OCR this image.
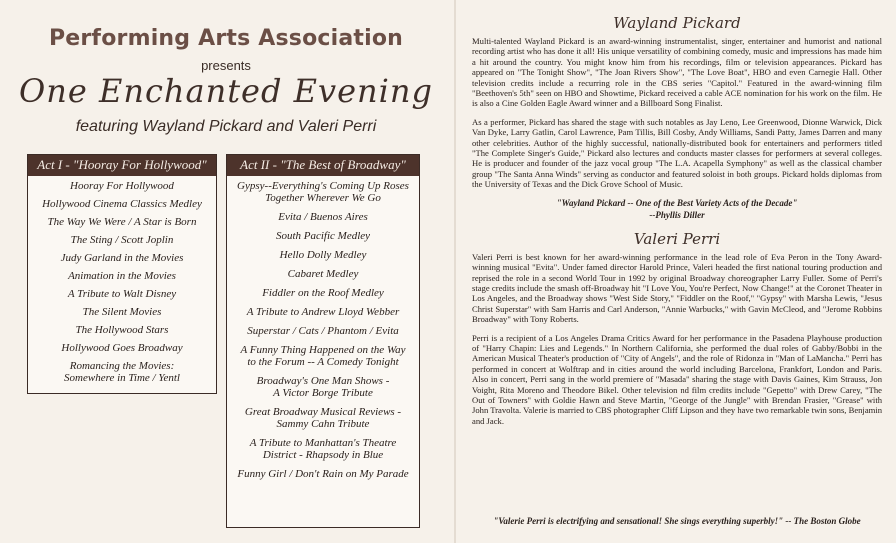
Performing Arts Association
presents
One Enchanted Evening
featuring Wayland Pickard and Valeri Perri
Act I - "Hooray For Hollywood"
Hooray For Hollywood
Hollywood Cinema Classics Medley
The Way We Were / A Star is Born
The Sting / Scott Joplin
Judy Garland in the Movies
Animation in the Movies
A Tribute to Walt Disney
The Silent Movies
The Hollywood Stars
Hollywood Goes Broadway
Romancing the Movies:
Somewhere in Time / Yentl
Act II - "The Best of Broadway"
Gypsy--Everything's Coming Up Roses
Together Wherever We Go
Evita / Buenos Aires
South Pacific Medley
Hello Dolly Medley
Cabaret Medley
Fiddler on the Roof Medley
A Tribute to Andrew Lloyd Webber
Superstar / Cats / Phantom / Evita
A Funny Thing Happened on the Way
to the Forum -- A Comedy Tonight
Broadway's One Man Shows -
A Victor Borge Tribute
Great Broadway Musical Reviews -
Sammy Cahn Tribute
A Tribute to Manhattan's Theatre
District - Rhapsody in Blue
Funny Girl / Don't Rain on My Parade
Wayland Pickard

Multi-talented Wayland Pickard is an award-winning instrumentalist, singer, entertainer and humorist and national recording artist who has done it all! His unique versatility of combining comedy, music and impressions has made him a hit around the country. You might know him from his recordings, film or television appearances. Pickard has appeared on "The Tonight Show", "The Joan Rivers Show", "The Love Boat", HBO and even Carnegie Hall. Other television credits include a recurring role in the CBS series "Capitol." Featured in the award-winning film "Beethoven's 5th" seen on HBO and Showtime, Pickard received a cable ACE nomination for his work on the film. He is also a Cine Golden Eagle Award winner and a Billboard Song Finalist.

As a performer, Pickard has shared the stage with such notables as Jay Leno, Lee Greenwood, Dionne Warwick, Dick Van Dyke, Larry Gatlin, Carol Lawrence, Pam Tillis, Bill Cosby, Andy Williams, Sandi Patty, James Darren and many other celebrities. Author of the highly successful, nationally-distributed book for entertainers and performers titled "The Complete Singer's Guide," Pickard also lectures and conducts master classes for performers at several colleges. He is producer and founder of the jazz vocal group "The L.A. Acapella Symphony" as well as the classical chamber group "The Santa Anna Winds" serving as conductor and featured soloist in both groups. Pickard holds diplomas from the University of Texas and the Dick Grove School of Music.

"Wayland Pickard -- One of the Best Variety Acts of the Decade"
--Phyllis Diller
Valeri Perri

Valeri Perri is best known for her award-winning performance in the lead role of Eva Peron in the Tony Award-winning musical "Evita". Under famed director Harold Prince, Valeri headed the first national touring production and reprised the role in a second World Tour in 1992 by original Broadway choreographer Larry Fuller. Some of Perri's stage credits include the smash off-Broadway hit "I Love You, You're Perfect, Now Change!" at the Coronet Theater in Los Angeles, and the Broadway shows "West Side Story," "Fiddler on the Roof," "Gypsy" with Marsha Lewis, "Jesus Christ Superstar" with Sam Harris and Carl Anderson, "Annie Warbucks," with Gavin McCleod, and "Jerome Robbins Broadway" with Tony Roberts.

Perri is a recipient of a Los Angeles Drama Critics Award for her performance in the Pasadena Playhouse production of "Harry Chapin: Lies and Legends." In Northern California, she performed the dual roles of Gabby/Bobbi in the American Musical Theater's production of "City of Angels", and the role of Ridonza in "Man of LaMancha." Perri has performed in concert at Wolftrap and in cities around the world including Barcelona, Frankfort, London and Paris. Also in concert, Perri sang in the world premiere of "Masada" sharing the stage with Davis Gaines, Kim Strauss, Jon Voight, Rita Moreno and Theodore Bikel. Other television nd film credits include "Gepetto" with Drew Carey, "The Out of Towners" with Goldie Hawn and Steve Martin, "George of the Jungle" with Brendan Frasier, "Grease" with John Travolta. Valerie is married to CBS photographer Cliff Lipson and they have two remarkable twin sons, Benjamin and Jack.

"Valerie Perri is electrifying and sensational! She sings everything superbly!" -- The Boston Globe
